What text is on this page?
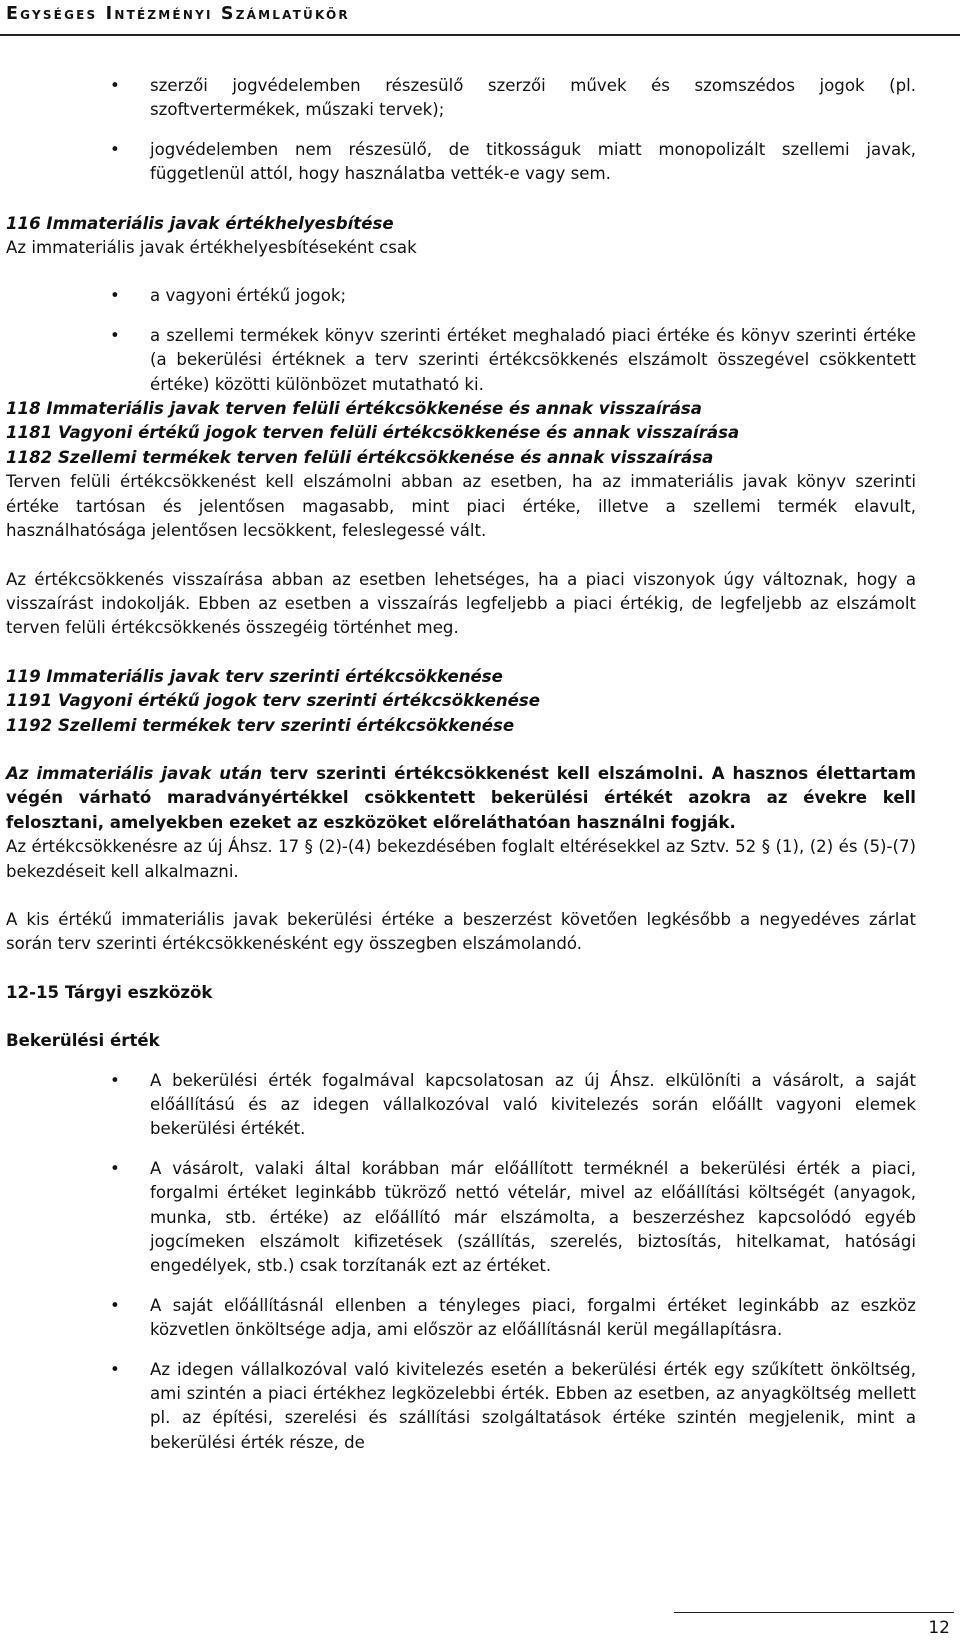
Egységes Intézményi Számlatükör
• szerzői jogvédelemben részesülő szerzői művek és szomszédos jogok (pl. szoftvertermékek, műszaki tervek);
• jogvédelemben nem részesülő, de titkosságuk miatt monopolizált szellemi javak, függetlenül attól, hogy használatba vették-e vagy sem.
116 Immateriális javak értékhelyesbítése

Az immateriális javak értékhelyesbítéseként csak

• a vagyoni értékű jogok;
• a szellemi termékek könyv szerinti értéket meghaladó piaci értéke és könyv szerinti értéke (a bekerülési értéknek a terv szerinti értékcsökkenés elszámolt összegével csökkentett értéke) közötti különbözet mutatható ki.
118 Immateriális javak terven felüli értékcsökkenése és annak visszaírása
1181 Vagyoni értékű jogok terven felüli értékcsökkenése és annak visszaírása
1182 Szellemi termékek terven felüli értékcsökkenése és annak visszaírása

Terven felüli értékcsökkenést kell elszámolni abban az esetben, ha az immateriális javak könyv szerinti értéke tartósan és jelentősen magasabb, mint piaci értéke, illetve a szellemi termék elavult, használhatósága jelentősen lecsökkent, feleslegessé vált.

Az értékcsökkenés visszaírása abban az esetben lehetséges, ha a piaci viszonyok úgy változnak, hogy a visszaírást indokolják. Ebben az esetben a visszaírás legfeljebb a piaci értékig, de legfeljebb az elszámolt terven felüli értékcsökkenés összegéig történhet meg.

119 Immateriális javak terv szerinti értékcsökkenése
1191 Vagyoni értékű jogok terv szerinti értékcsökkenése
1192 Szellemi termékek terv szerinti értékcsökkenése

Az immateriális javak után terv szerinti értékcsökkenést kell elszámolni. A hasznos élettartam végén várható maradványértékkel csökkentett bekerülési értékét azokra az évekre kell felosztani, amelyekben ezeket az eszközöket előreláthatóan használni fogják.

Az értékcsökkenésre az új Áhsz. 17 § (2)-(4) bekezdésében foglalt eltérésekkel az Sztv. 52 § (1), (2) és (5)-(7) bekezdéseit kell alkalmazni.

A kis értékű immateriális javak bekerülési értéke a beszerzést követően legkésőbb a negyedéves zárlat során terv szerinti értékcsökkenésként egy összegben elszámolandó.

12-15 Tárgyi eszközök
Bekerülési érték
• A bekerülési érték fogalmával kapcsolatosan az új Áhsz. elkülöníti a vásárolt, a saját előállítású és az idegen vállalkozóval való kivitelezés során előállt vagyoni elemek bekerülési értékét.
• A vásárolt, valaki által korábban már előállított terméknél a bekerülési érték a piaci, forgalmi értéket leginkább tükröző nettó vételár, mivel az előállítási költségét (anyagok, munka, stb. értéke) az előállító már elszámolta, a beszerzéshez kapcsolódó egyéb jogcímeken elszámolt kifizetések (szállítás, szerelés, biztosítás, hitelkamat, hatósági engedélyek, stb.) csak torzítanák ezt az értéket.
• A saját előállításnál ellenben a tényleges piaci, forgalmi értéket leginkább az eszköz közvetlen önköltsége adja, ami először az előállításnál kerül megállapításra.
• Az idegen vállalkozóval való kivitelezés esetén a bekerülési érték egy szűkített önköltség, ami szintén a piaci értékhez legközelebbi érték. Ebben az esetben, az anyagköltség mellett pl. az építési, szerelési és szállítási szolgáltatások értéke szintén megjelenik, mint a bekerülési érték része, de
12
